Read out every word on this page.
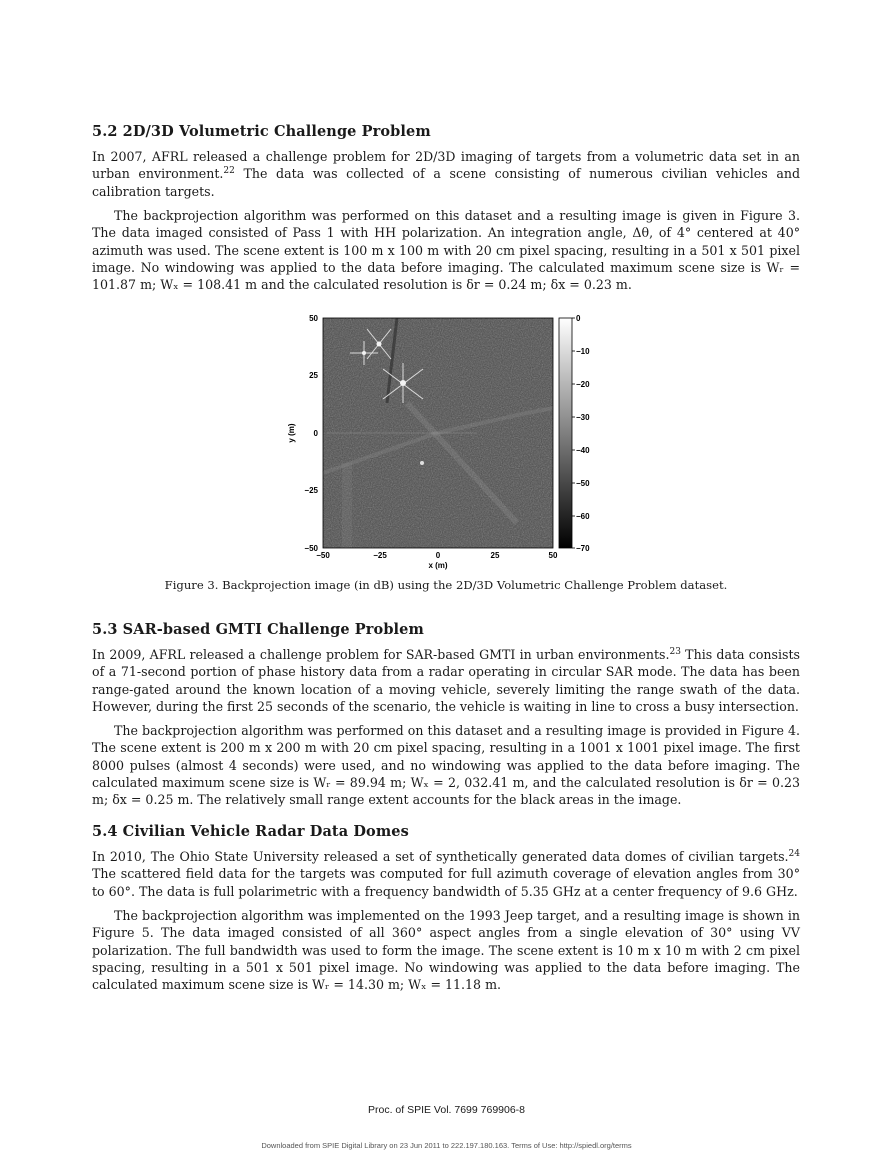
5.2 2D/3D Volumetric Challenge Problem
In 2007, AFRL released a challenge problem for 2D/3D imaging of targets from a volumetric data set in an urban environment.$^{22}$ The data was collected of a scene consisting of numerous civilian vehicles and calibration targets.
The backprojection algorithm was performed on this dataset and a resulting image is given in Figure 3. The data imaged consisted of Pass 1 with HH polarization. An integration angle, Δθ, of 4° centered at 40° azimuth was used. The scene extent is 100 m x 100 m with 20 cm pixel spacing, resulting in a 501 x 501 pixel image. No windowing was applied to the data before imaging. The calculated maximum scene size is Wᵣ = 101.87 m; Wₓ = 108.41 m and the calculated resolution is δr = 0.24 m; δx = 0.23 m.
50
25
0
−25
−50
y (m)
−50	−25	0	25	50
x (m)
0
−10
−20
−30
−40
−50
−60
−70
Figure 3. Backprojection image (in dB) using the 2D/3D Volumetric Challenge Problem dataset.
5.3 SAR-based GMTI Challenge Problem
In 2009, AFRL released a challenge problem for SAR-based GMTI in urban environments.$^{23}$ This data consists of a 71-second portion of phase history data from a radar operating in circular SAR mode. The data has been range-gated around the known location of a moving vehicle, severely limiting the range swath of the data. However, during the first 25 seconds of the scenario, the vehicle is waiting in line to cross a busy intersection.
The backprojection algorithm was performed on this dataset and a resulting image is provided in Figure 4. The scene extent is 200 m x 200 m with 20 cm pixel spacing, resulting in a 1001 x 1001 pixel image. The first 8000 pulses (almost 4 seconds) were used, and no windowing was applied to the data before imaging. The calculated maximum scene size is Wᵣ = 89.94 m; Wₓ = 2, 032.41 m, and the calculated resolution is δr = 0.23 m; δx = 0.25 m. The relatively small range extent accounts for the black areas in the image.
5.4 Civilian Vehicle Radar Data Domes
In 2010, The Ohio State University released a set of synthetically generated data domes of civilian targets.$^{24}$ The scattered field data for the targets was computed for full azimuth coverage of elevation angles from 30° to 60°. The data is full polarimetric with a frequency bandwidth of 5.35 GHz at a center frequency of 9.6 GHz.
The backprojection algorithm was implemented on the 1993 Jeep target, and a resulting image is shown in Figure 5. The data imaged consisted of all 360° aspect angles from a single elevation of 30° using VV polarization. The full bandwidth was used to form the image. The scene extent is 10 m x 10 m with 2 cm pixel spacing, resulting in a 501 x 501 pixel image. No windowing was applied to the data before imaging. The calculated maximum scene size is Wᵣ = 14.30 m; Wₓ = 11.18 m.
Proc. of SPIE Vol. 7699 769906-8
Downloaded from SPIE Digital Library on 23 Jun 2011 to 222.197.180.163. Terms of Use: http://spiedl.org/terms
